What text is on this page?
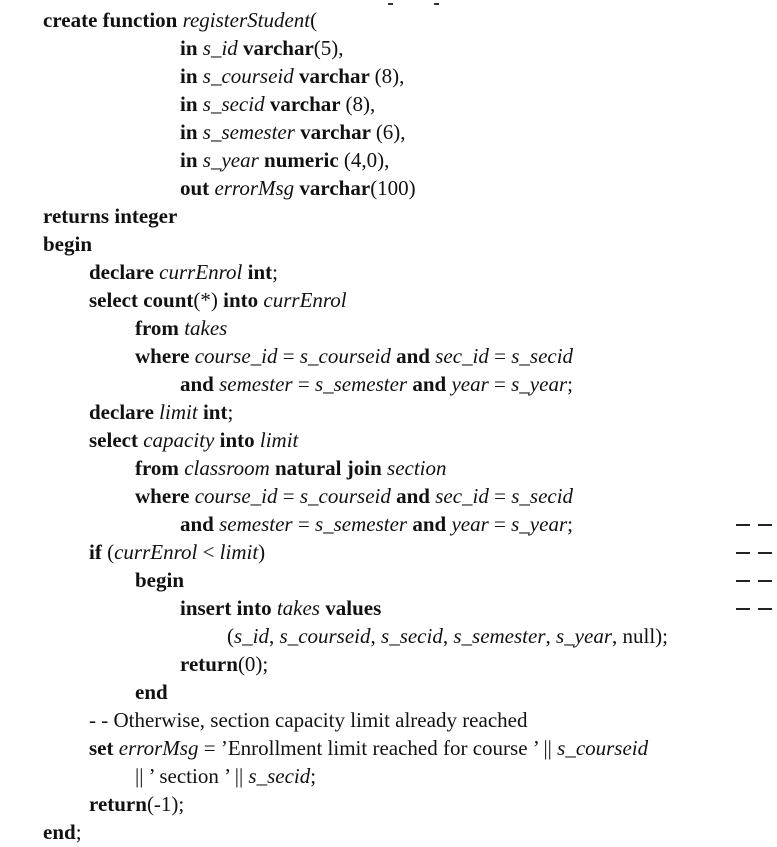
create function registerStudent(
in s_id varchar(5),
in s_courseid varchar (8),
in s_secid varchar (8),
in s_semester varchar (6),
in s_year numeric (4,0),
out errorMsg varchar(100)
returns integer
begin
declare currEnrol int;
select count(*) into currEnrol
from takes
where course_id = s_courseid and sec_id = s_secid
and semester = s_semester and year = s_year;
declare limit int;
select capacity into limit
from classroom natural join section
where course_id = s_courseid and sec_id = s_secid
and semester = s_semester and year = s_year;
if (currEnrol < limit)
begin
insert into takes values
(s_id, s_courseid, s_secid, s_semester, s_year, null);
return(0);
end
- - Otherwise, section capacity limit already reached
set errorMsg = ’Enrollment limit reached for course ’ || s_courseid
|| ’ section ’ || s_secid;
return(-1);
end;
